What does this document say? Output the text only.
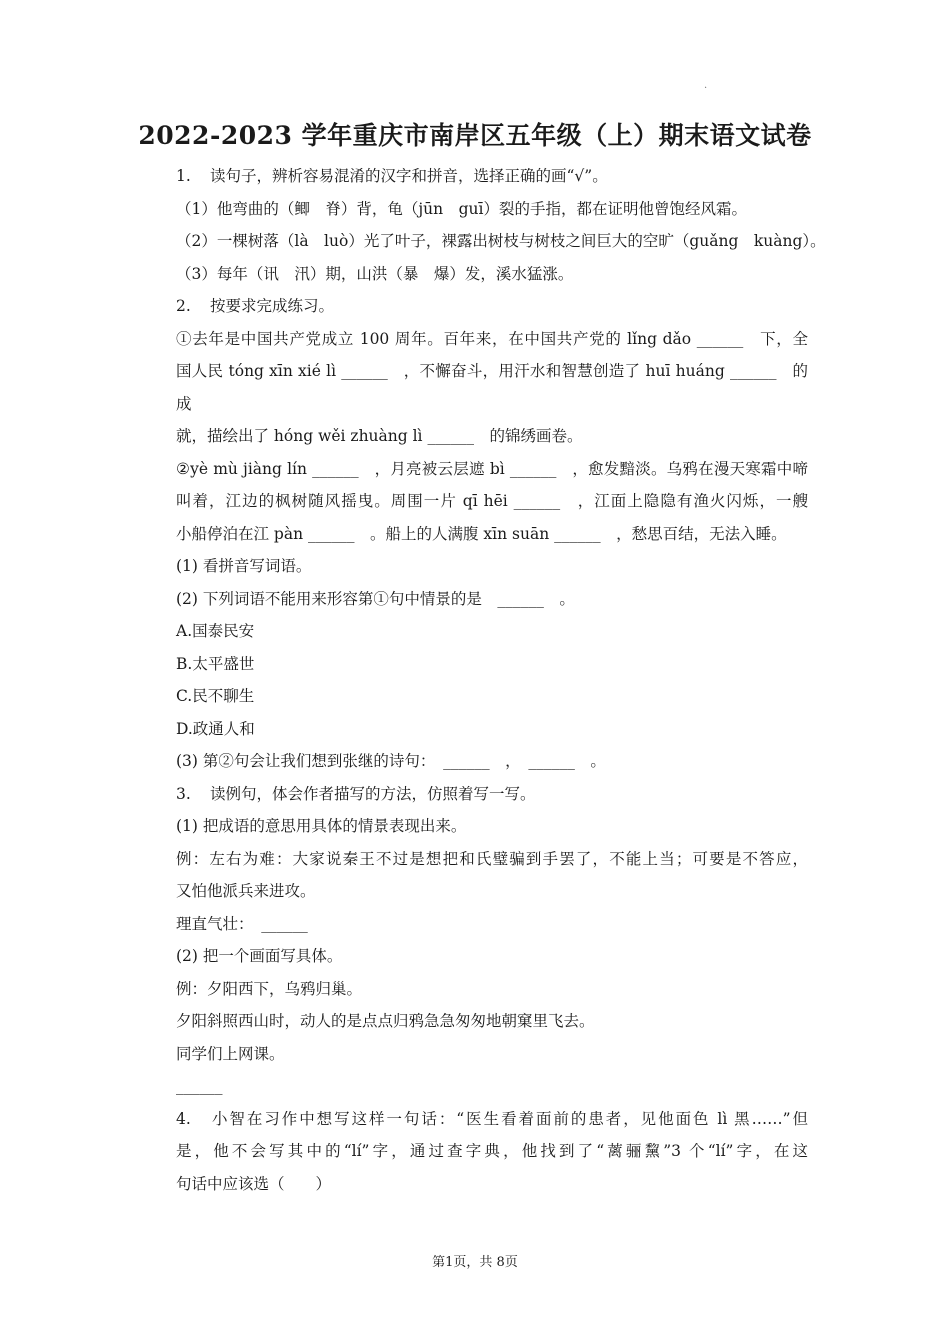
.
2022-2023 学年重庆市南岸区五年级（上）期末语文试卷
1. 读句子，辨析容易混淆的汉字和拼音，选择正确的画“√”。
（1）他弯曲的（鲫　脊）背，龟（jūn　guī）裂的手指，都在证明他曾饱经风霜。
（2）一棵树落（là　luò）光了叶子，裸露出树枝与树枝之间巨大的空旷（guǎng　kuàng）。
（3）每年（讯　汛）期，山洪（暴　爆）发，溪水猛涨。
2. 按要求完成练习。
①去年是中国共产党成立 100 周年。百年来，在中国共产党的 lǐng dǎo ______　下，全
国人民 tóng xīn xié lì ______　，不懈奋斗，用汗水和智慧创造了 huī huáng ______　的成
就，描绘出了 hóng wěi zhuàng lì ______　的锦绣画卷。
②yè mù jiàng lín ______　，月亮被云层遮 bì ______　，愈发黯淡。乌鸦在漫天寒霜中啼
叫着，江边的枫树随风摇曳。周围一片 qī hēi ______　，江面上隐隐有渔火闪烁，一艘
小船停泊在江 pàn ______　。船上的人满腹 xīn suān ______　，愁思百结，无法入睡。
(1) 看拼音写词语。
(2) 下列词语不能用来形容第①句中情景的是　______　。
A.国泰民安
B.太平盛世
C.民不聊生
D.政通人和
(3) 第②句会让我们想到张继的诗句：　______　，　______　。
3. 读例句，体会作者描写的方法，仿照着写一写。
(1) 把成语的意思用具体的情景表现出来。
例：左右为难：大家说秦王不过是想把和氏璧骗到手罢了，不能上当；可要是不答应，
又怕他派兵来进攻。
理直气壮：　______
(2) 把一个画面写具体。
例：夕阳西下，乌鸦归巢。
夕阳斜照西山时，动人的是点点归鸦急急匆匆地朝窠里飞去。
同学们上网课。
______
4. 小智在习作中想写这样一句话：“医生看着面前的患者，见他面色 lì 黑……”但
是，他不会写其中的“lí”字，通过查字典，他找到了“蓠骊黧”3 个“lí”字，在这
句话中应该选（　　）
第1页，共 8页
